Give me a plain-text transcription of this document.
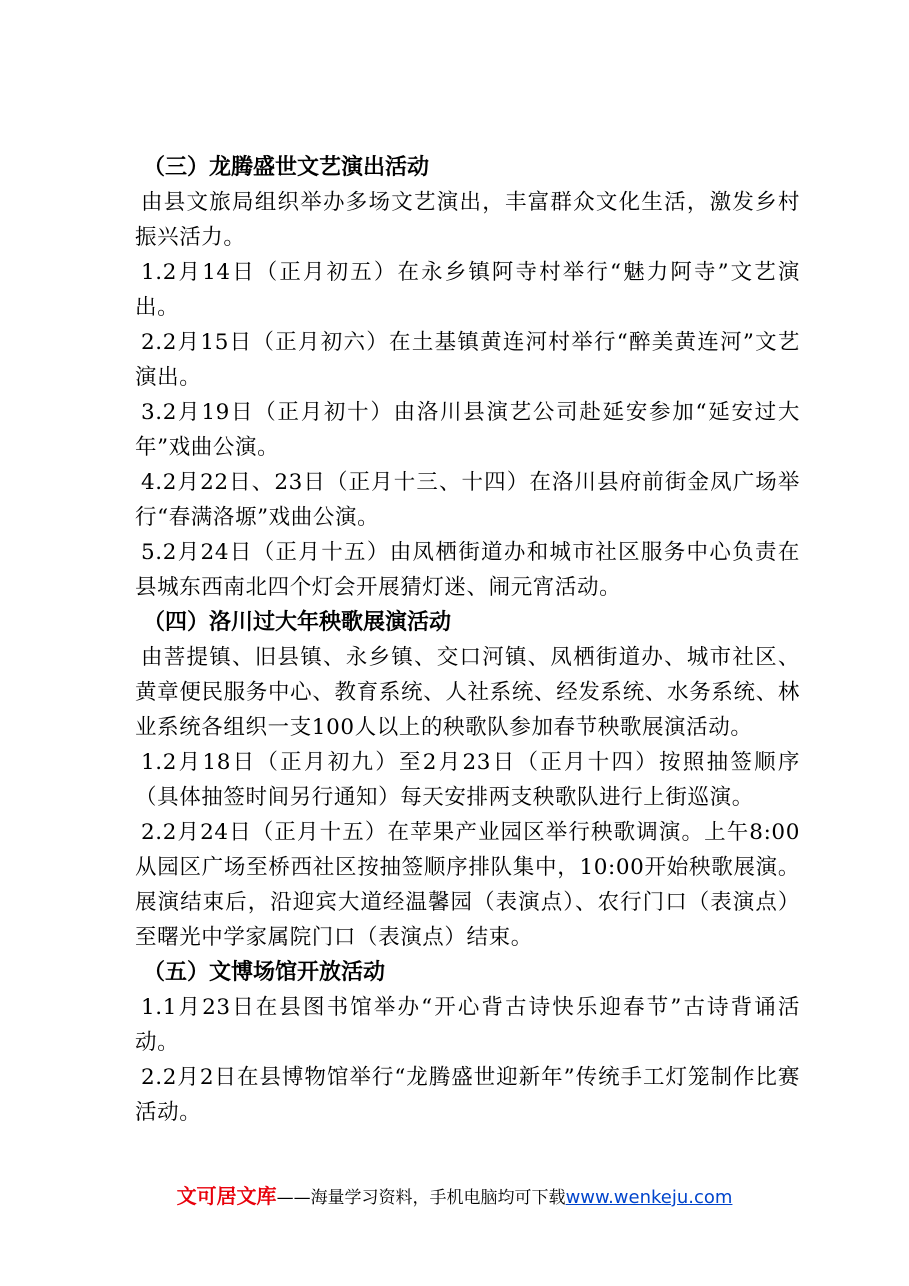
（三）龙腾盛世文艺演出活动

由县文旅局组织举办多场文艺演出，丰富群众文化生活，激发乡村振兴活力。

1.2月14日（正月初五）在永乡镇阿寺村举行“魅力阿寺”文艺演出。

2.2月15日（正月初六）在土基镇黄连河村举行“醉美黄连河”文艺演出。

3.2月19日（正月初十）由洛川县演艺公司赴延安参加“延安过大年”戏曲公演。

4.2月22日、23日（正月十三、十四）在洛川县府前街金凤广场举行“春满洛塬”戏曲公演。

5.2月24日（正月十五）由凤栖街道办和城市社区服务中心负责在县城东西南北四个灯会开展猜灯迷、闹元宵活动。

（四）洛川过大年秧歌展演活动

由菩提镇、旧县镇、永乡镇、交口河镇、凤栖街道办、城市社区、黄章便民服务中心、教育系统、人社系统、经发系统、水务系统、林业系统各组织一支100人以上的秧歌队参加春节秧歌展演活动。

1.2月18日（正月初九）至2月23日（正月十四）按照抽签顺序（具体抽签时间另行通知）每天安排两支秧歌队进行上街巡演。

2.2月24日（正月十五）在苹果产业园区举行秧歌调演。上午8:00从园区广场至桥西社区按抽签顺序排队集中，10:00开始秧歌展演。展演结束后，沿迎宾大道经温馨园（表演点）、农行门口（表演点）至曙光中学家属院门口（表演点）结束。

（五）文博场馆开放活动

1.1月23日在县图书馆举办“开心背古诗快乐迎春节”古诗背诵活动。

2.2月2日在县博物馆举行“龙腾盛世迎新年”传统手工灯笼制作比赛活动。

文可居文库——海量学习资料，手机电脑均可下载www.wenkeju.com
